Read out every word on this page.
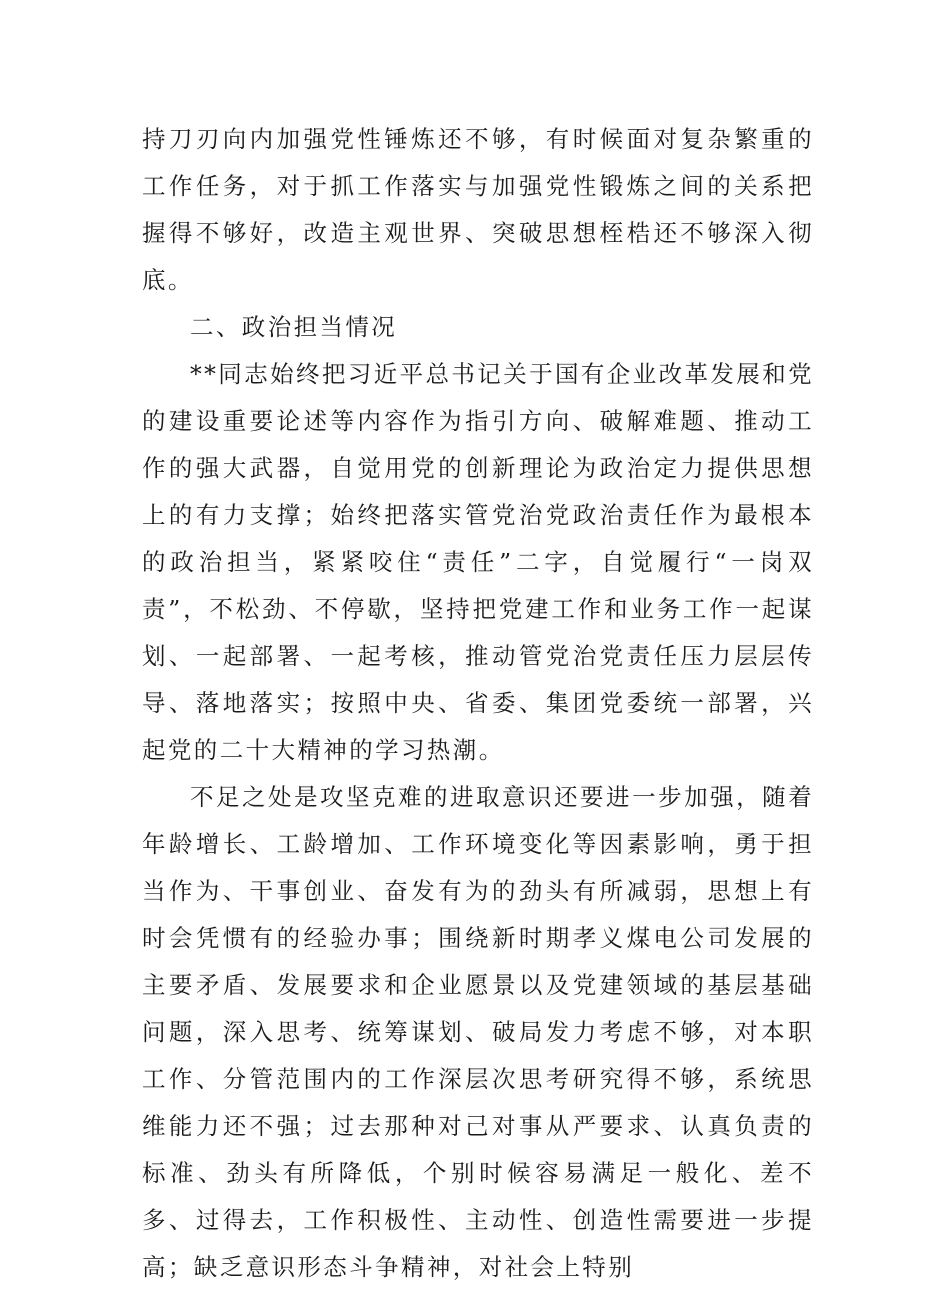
持刀刃向内加强党性锤炼还不够，有时候面对复杂繁重的工作任务，对于抓工作落实与加强党性锻炼之间的关系把握得不够好，改造主观世界、突破思想桎梏还不够深入彻底。

二、政治担当情况

**同志始终把习近平总书记关于国有企业改革发展和党的建设重要论述等内容作为指引方向、破解难题、推动工作的强大武器，自觉用党的创新理论为政治定力提供思想上的有力支撑；始终把落实管党治党政治责任作为最根本的政治担当，紧紧咬住“责任”二字，自觉履行“一岗双责”，不松劲、不停歇，坚持把党建工作和业务工作一起谋划、一起部署、一起考核，推动管党治党责任压力层层传导、落地落实；按照中央、省委、集团党委统一部署，兴起党的二十大精神的学习热潮。

不足之处是攻坚克难的进取意识还要进一步加强，随着年龄增长、工龄增加、工作环境变化等因素影响，勇于担当作为、干事创业、奋发有为的劲头有所减弱，思想上有时会凭惯有的经验办事；围绕新时期孝义煤电公司发展的主要矛盾、发展要求和企业愿景以及党建领域的基层基础问题，深入思考、统筹谋划、破局发力考虑不够，对本职工作、分管范围内的工作深层次思考研究得不够，系统思维能力还不强；过去那种对己对事从严要求、认真负责的标准、劲头有所降低，个别时候容易满足一般化、差不多、过得去，工作积极性、主动性、创造性需要进一步提高；缺乏意识形态斗争精神，对社会上特别
